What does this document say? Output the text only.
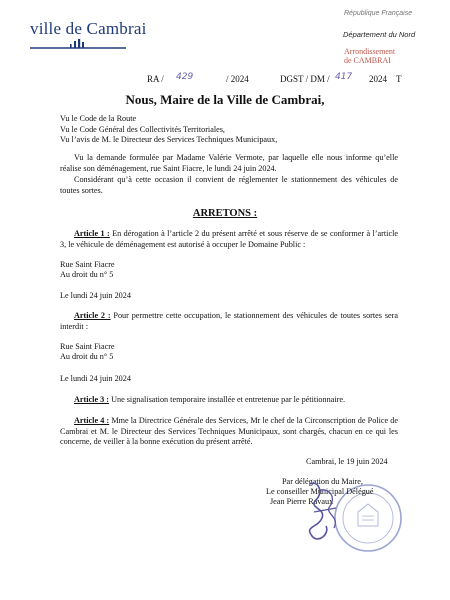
ville de Cambrai
République Française
Département du Nord
Arrondissement
de CAMBRAI
RA / 429	/ 2024	DGST / DM / 417 2024 T
Nous, Maire de la Ville de Cambrai,
Vu le Code de la Route
Vu le Code Général des Collectivités Territoriales,
Vu l’avis de M. le Directeur des Services Techniques Municipaux,
Vu la demande formulée par Madame Valérie Vermote, par laquelle elle nous informe qu’elle réalise son déménagement, rue Saint Fiacre, le lundi 24 juin 2024.
Considérant qu’à cette occasion il convient de réglementer le stationnement des véhicules de toutes sortes.
ARRETONS :
Article 1 : En dérogation à l’article 2 du présent arrêté et sous réserve de se conformer à l’article 3, le véhicule de déménagement est autorisé à occuper le Domaine Public :
Rue Saint Fiacre
Au droit du n° 5
Le lundi 24 juin 2024
Article 2 : Pour permettre cette occupation, le stationnement des véhicules de toutes sortes sera interdit :
Rue Saint Fiacre
Au droit du n° 5
Le lundi 24 juin 2024
Article 3 : Une signalisation temporaire installée et entretenue par le pétitionnaire.
Article 4 : Mme la Directrice Générale des Services, Mr le chef de la Circonscription de Police de Cambrai et M. le Directeur des Services Techniques Municipaux, sont chargés, chacun en ce qui les concerne, de veiller à la bonne exécution du présent arrêté.
Cambrai, le 19 juin 2024
Par délégation du Maire,
Le conseiller Municipal Délégué
Jean Pierre Ravaux
